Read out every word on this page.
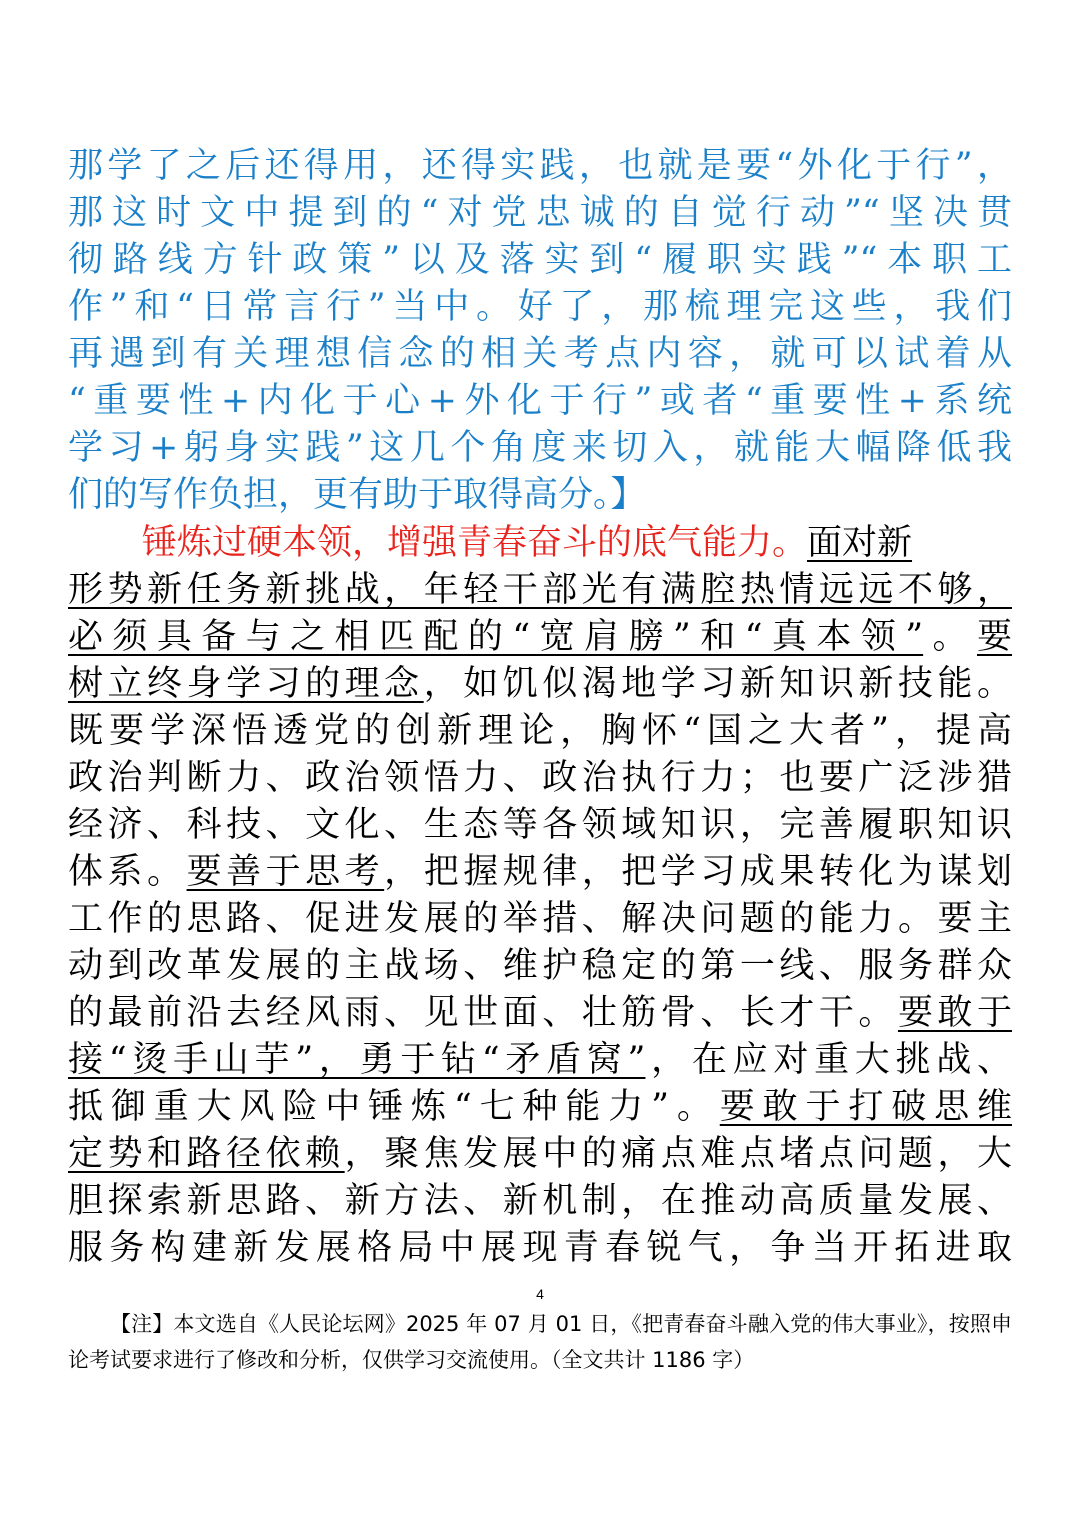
那学了之后还得用，还得实践，也就是要“外化于行”，
那这时文中提到的“对党忠诚的自觉行动”“坚决贯
彻路线方针政策”以及落实到“履职实践”“本职工
作”和“日常言行”当中。好了，那梳理完这些，我们
再遇到有关理想信念的相关考点内容，就可以试着从
“重要性+内化于心+外化于行”或者“重要性+系统
学习+躬身实践”这几个角度来切入，就能大幅降低我
们的写作负担，更有助于取得高分。】
锤炼过硬本领，增强青春奋斗的底气能力。面对新
形势新任务新挑战，年轻干部光有满腔热情远远不够，
必须具备与之相匹配的“宽肩膀”和“真本领”。要
树立终身学习的理念，如饥似渴地学习新知识新技能。
既要学深悟透党的创新理论，胸怀“国之大者”，提高
政治判断力、政治领悟力、政治执行力；也要广泛涉猎
经济、科技、文化、生态等各领域知识，完善履职知识
体系。要善于思考，把握规律，把学习成果转化为谋划
工作的思路、促进发展的举措、解决问题的能力。要主
动到改革发展的主战场、维护稳定的第一线、服务群众
的最前沿去经风雨、见世面、壮筋骨、长才干。要敢于
接“烫手山芋”，勇于钻“矛盾窝”，在应对重大挑战、
抵御重大风险中锤炼“七种能力”。要敢于打破思维
定势和路径依赖，聚焦发展中的痛点难点堵点问题，大
胆探索新思路、新方法、新机制，在推动高质量发展、
服务构建新发展格局中展现青春锐气，争当开拓进取
4
【注】本文选自《人民论坛网》2025 年 07 月 01 日，《把青春奋斗融入党的伟大事业》，按照申论考试要求进行了修改和分析，仅供学习交流使用。（全文共计 1186 字）
